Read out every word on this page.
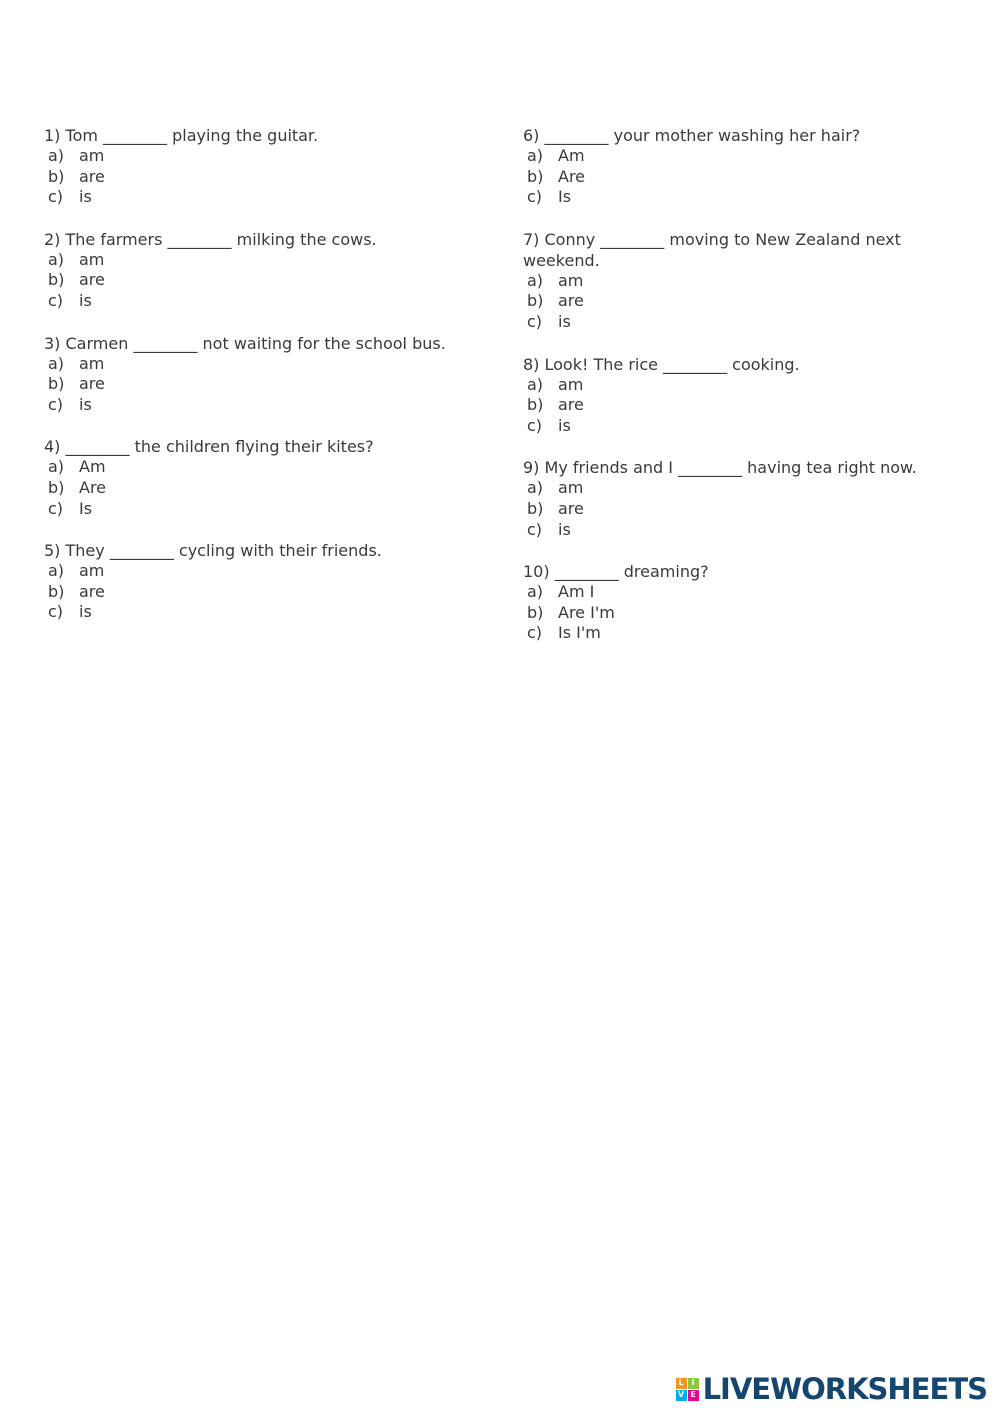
1) Tom ________ playing the guitar.

a) am
b) are
c) is

2) The farmers ________ milking the cows.

a) am
b) are
c) is

3) Carmen ________ not waiting for the school bus.

a) am
b) are
c) is

4) ________ the children flying their kites?

a) Am
b) Are
c) Is

5) They ________ cycling with their friends.

a) am
b) are
c) is

6) ________ your mother washing her hair?

a) Am
b) Are
c) Is

7) Conny ________ moving to New Zealand next weekend.

a) am
b) are
c) is

8) Look! The rice ________ cooking.

a) am
b) are
c) is

9) My friends and I ________ having tea right now.

a) am
b) are
c) is

10) ________ dreaming?

a) Am I
b) Are I'm
c) Is I'm
L I
V E LIVEWORKSHEETS
